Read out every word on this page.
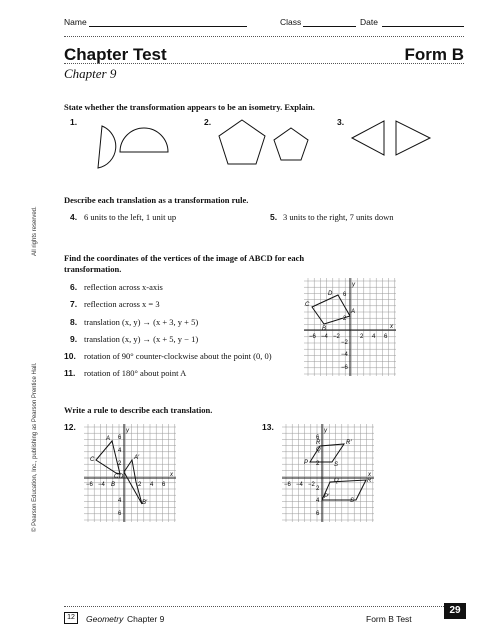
Name	Class	Date
Chapter Test	Form B
Chapter 9
State whether the transformation appears to be an isometry. Explain.
1.	2.	3.
Describe each translation as a transformation rule.
4. 6 units to the left, 1 unit up	5. 3 units to the right, 7 units down
Find the coordinates of the vertices of the image of ABCD for each
transformation.
6. reflection across x-axis
7. reflection across x = 3
8. translation (x, y) → (x + 3, y + 5)
9. translation (x, y) → (x + 5, y − 1)
10. rotation of 90° counter-clockwise about the point (0, 0)
11. rotation of 180° about point A
y
x
6
2
−2
−4
−6
−6 −4 −2	2 4 6
D
C
A
B
Write a rule to describe each translation.
12.	13.
y
x
6
4
2
4
6
−6 −4	2 4 6
A
C	A′
C′
B
D
B′
y
x
6
2
2
4
6
−6 −4 −2
R
Q
R′
P	S
Q	R
P′
S
All rights reserved.
© Pearson Education, Inc., publishing as Pearson Prentice Hall.
12	Geometry Chapter 9	Form B Test
29
